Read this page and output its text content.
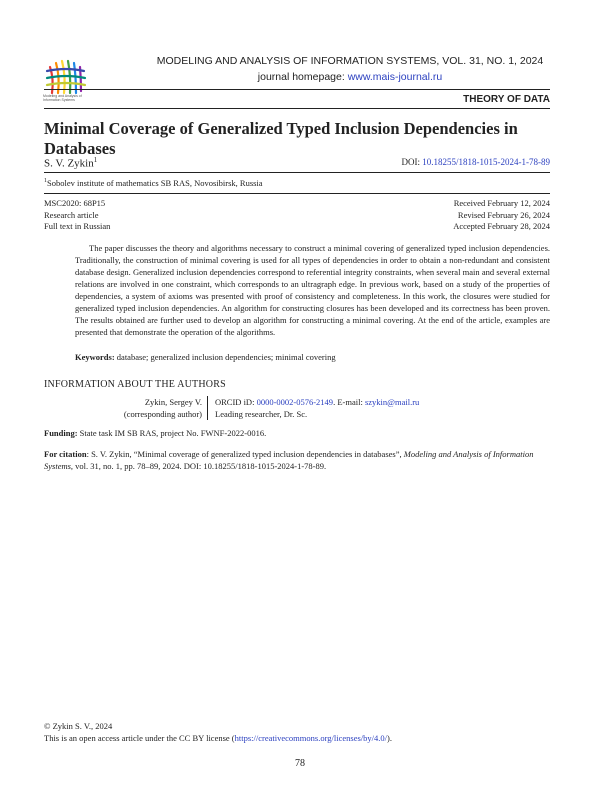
Modeling and Analysis of Information Systems
MODELING AND ANALYSIS OF INFORMATION SYSTEMS, VOL. 31, NO. 1, 2024
journal homepage: www.mais-journal.ru
THEORY OF DATA
Minimal Coverage of Generalized Typed Inclusion Dependencies in Databases
S. V. Zykin$^1$	DOI: 10.18255/1818-1015-2024-1-78-89
$^1$Sobolev institute of mathematics SB RAS, Novosibirsk, Russia
MSC2020: 68P15
Research article
Full text in Russian
Received February 12, 2024
Revised February 26, 2024
Accepted February 28, 2024
The paper discusses the theory and algorithms necessary to construct a minimal covering of generalized typed inclusion dependencies. Traditionally, the construction of minimal covering is used for all types of dependencies in order to obtain a non-redundant and consistent database design. Generalized inclusion dependencies correspond to referential integrity constraints, when several main and several external relations are involved in one constraint, which corresponds to an ultragraph edge. In previous work, based on a study of the properties of dependencies, a system of axioms was presented with proof of consistency and completeness. In this work, the closures were studied for generalized typed inclusion dependencies. An algorithm for constructing closures has been developed and its correctness has been proven. The results obtained are further used to develop an algorithm for constructing a minimal covering. At the end of the article, examples are presented that demonstrate the operation of the algorithms.
Keywords: database; generalized inclusion dependencies; minimal covering
INFORMATION ABOUT THE AUTHORS
Zykin, Sergey V.
(corresponding author)
ORCID iD: 0000-0002-0576-2149. E-mail: szykin@mail.ru
Leading researcher, Dr. Sc.
Funding: State task IM SB RAS, project No. FWNF-2022-0016.
For citation: S. V. Zykin, “Minimal coverage of generalized typed inclusion dependencies in databases”, Modeling and Analysis of Information Systems, vol. 31, no. 1, pp. 78–89, 2024. DOI: 10.18255/1818-1015-2024-1-78-89.
© Zykin S. V., 2024
This is an open access article under the CC BY license (https://creativecommons.org/licenses/by/4.0/).
78
